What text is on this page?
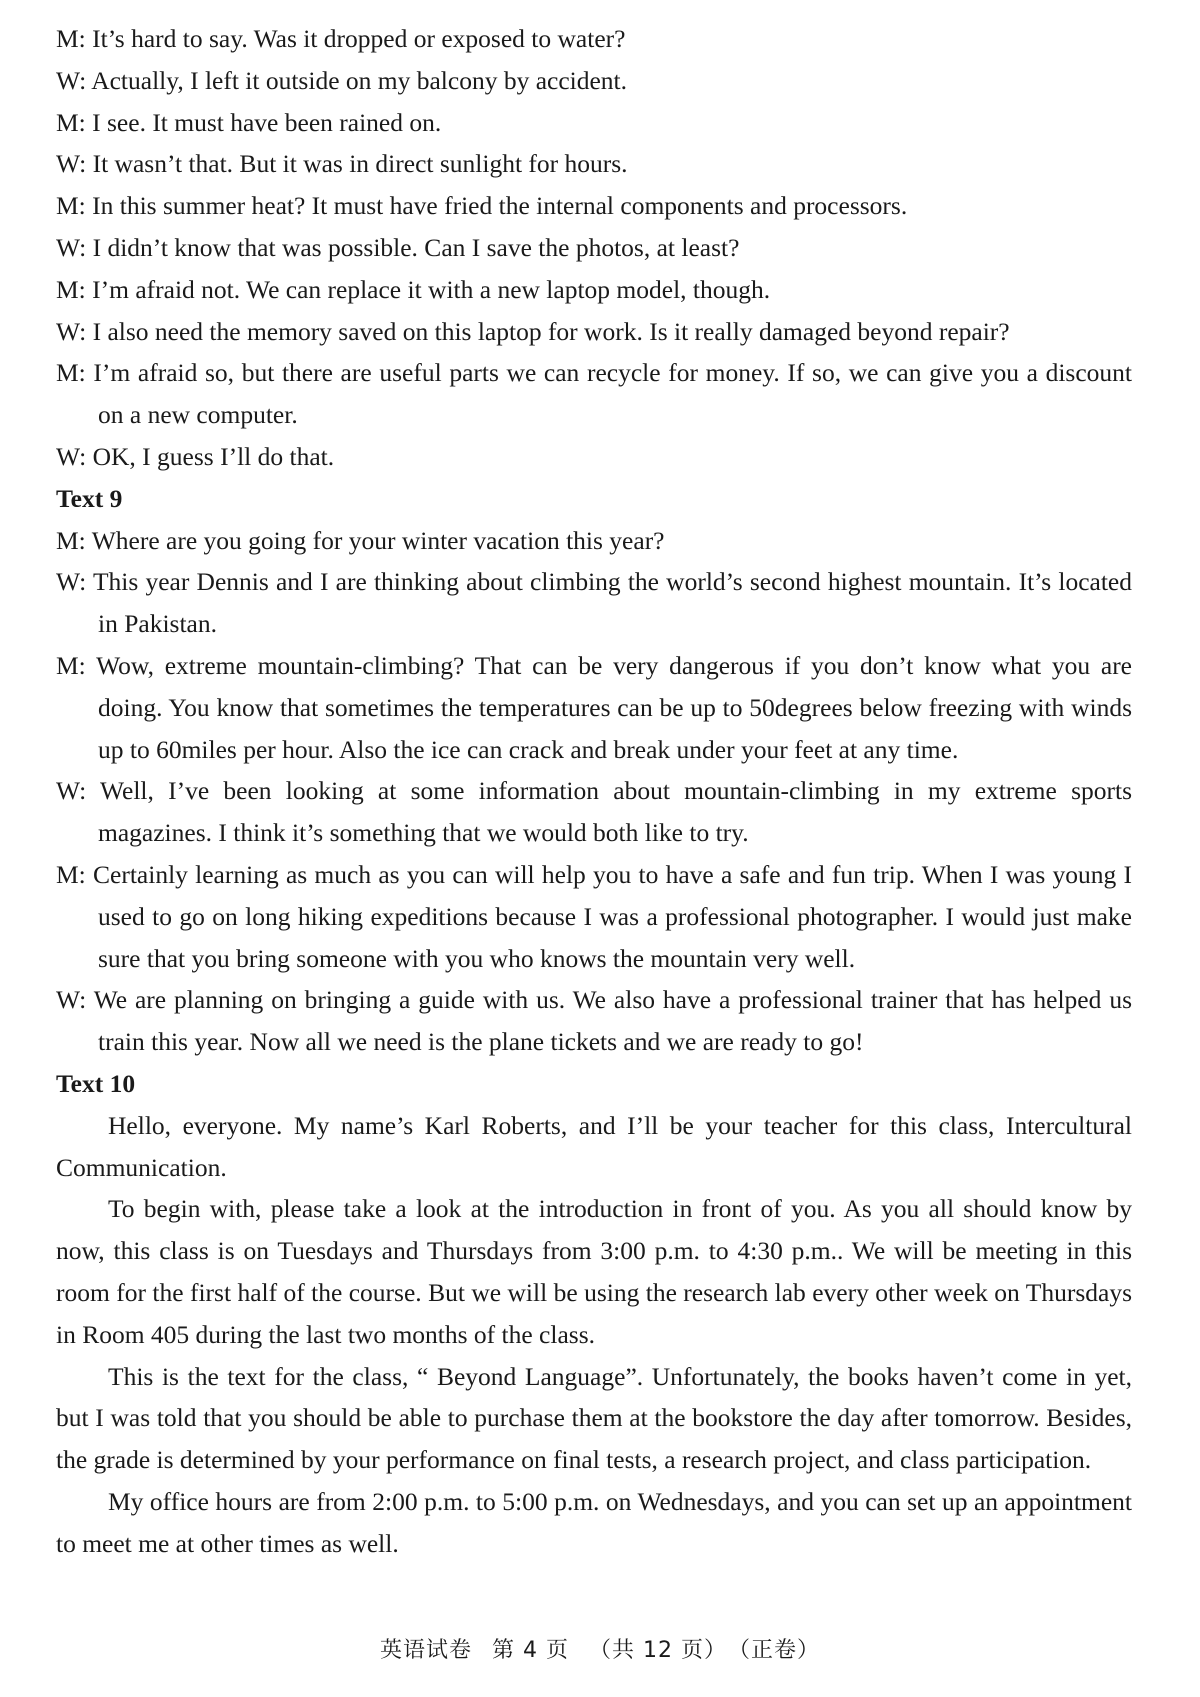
M: It’s hard to say. Was it dropped or exposed to water?

W: Actually, I left it outside on my balcony by accident.

M: I see. It must have been rained on.

W: It wasn’t that. But it was in direct sunlight for hours.

M: In this summer heat? It must have fried the internal components and processors.

W: I didn’t know that was possible. Can I save the photos, at least?

M: I’m afraid not. We can replace it with a new laptop model, though.

W: I also need the memory saved on this laptop for work. Is it really damaged beyond repair?

M: I’m afraid so, but there are useful parts we can recycle for money. If so, we can give you a discount on a new computer.

W: OK, I guess I’ll do that.

Text 9

M: Where are you going for your winter vacation this year?

W: This year Dennis and I are thinking about climbing the world’s second highest mountain. It’s located in Pakistan.

M: Wow, extreme mountain-climbing? That can be very dangerous if you don’t know what you are doing. You know that sometimes the temperatures can be up to 50degrees below freezing with winds up to 60miles per hour. Also the ice can crack and break under your feet at any time.

W: Well, I’ve been looking at some information about mountain-climbing in my extreme sports magazines. I think it’s something that we would both like to try.

M: Certainly learning as much as you can will help you to have a safe and fun trip. When I was young I used to go on long hiking expeditions because I was a professional photographer. I would just make sure that you bring someone with you who knows the mountain very well.

W: We are planning on bringing a guide with us. We also have a professional trainer that has helped us train this year. Now all we need is the plane tickets and we are ready to go!

Text 10

Hello, everyone. My name’s Karl Roberts, and I’ll be your teacher for this class, Intercultural Communication.

To begin with, please take a look at the introduction in front of you. As you all should know by now, this class is on Tuesdays and Thursdays from 3:00 p.m. to 4:30 p.m.. We will be meeting in this room for the first half of the course. But we will be using the research lab every other week on Thursdays in Room 405 during the last two months of the class.

This is the text for the class, “ Beyond Language”. Unfortunately, the books haven’t come in yet, but I was told that you should be able to purchase them at the bookstore the day after tomorrow. Besides, the grade is determined by your performance on final tests, a research project, and class participation.

My office hours are from 2:00 p.m. to 5:00 p.m. on Wednesdays, and you can set up an appointment to meet me at other times as well.

英语试卷 第 4 页 （共 12 页） （正卷）
